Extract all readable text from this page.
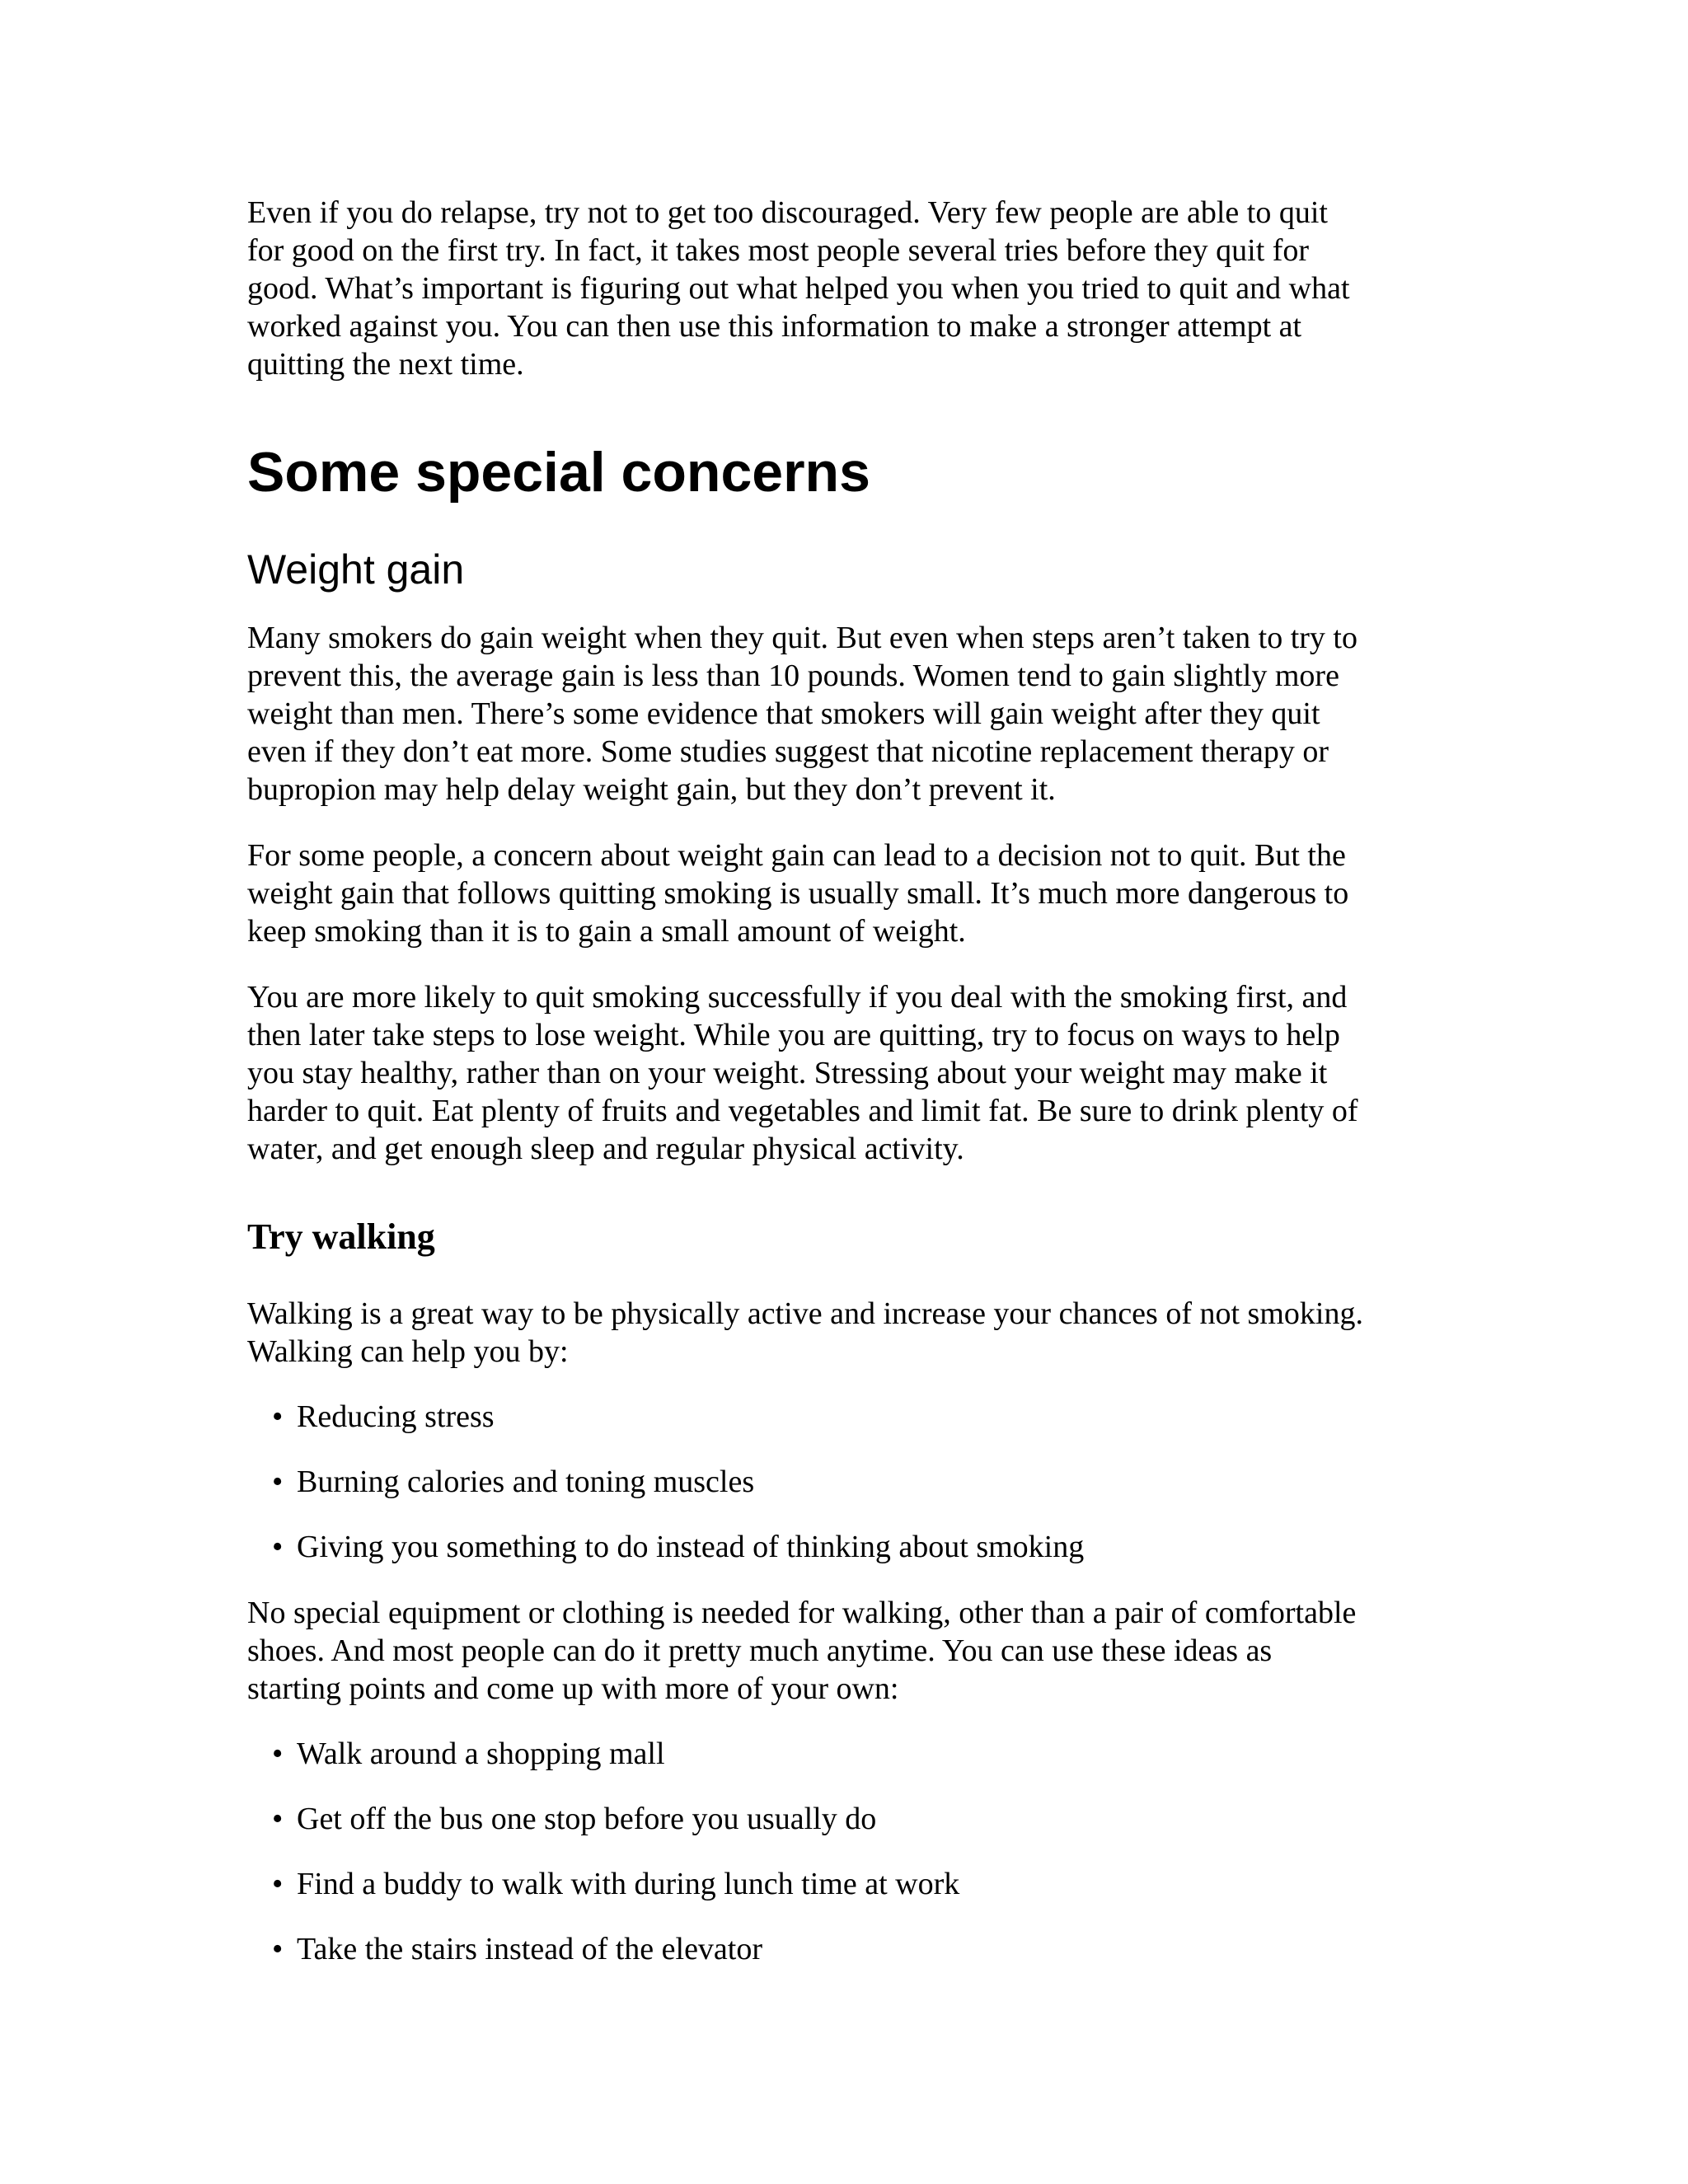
Even if you do relapse, try not to get too discouraged. Very few people are able to quit
for good on the first try. In fact, it takes most people several tries before they quit for
good. What’s important is figuring out what helped you when you tried to quit and what
worked against you. You can then use this information to make a stronger attempt at
quitting the next time.

Some special concerns
Weight gain

Many smokers do gain weight when they quit. But even when steps aren’t taken to try to
prevent this, the average gain is less than 10 pounds. Women tend to gain slightly more
weight than men. There’s some evidence that smokers will gain weight after they quit
even if they don’t eat more. Some studies suggest that nicotine replacement therapy or
bupropion may help delay weight gain, but they don’t prevent it.

For some people, a concern about weight gain can lead to a decision not to quit. But the
weight gain that follows quitting smoking is usually small. It’s much more dangerous to
keep smoking than it is to gain a small amount of weight.

You are more likely to quit smoking successfully if you deal with the smoking first, and
then later take steps to lose weight. While you are quitting, try to focus on ways to help
you stay healthy, rather than on your weight. Stressing about your weight may make it
harder to quit. Eat plenty of fruits and vegetables and limit fat. Be sure to drink plenty of
water, and get enough sleep and regular physical activity.

Try walking

Walking is a great way to be physically active and increase your chances of not smoking.
Walking can help you by:

• Reducing stress
• Burning calories and toning muscles
• Giving you something to do instead of thinking about smoking

No special equipment or clothing is needed for walking, other than a pair of comfortable
shoes. And most people can do it pretty much anytime. You can use these ideas as
starting points and come up with more of your own:

• Walk around a shopping mall
• Get off the bus one stop before you usually do
• Find a buddy to walk with during lunch time at work
• Take the stairs instead of the elevator
